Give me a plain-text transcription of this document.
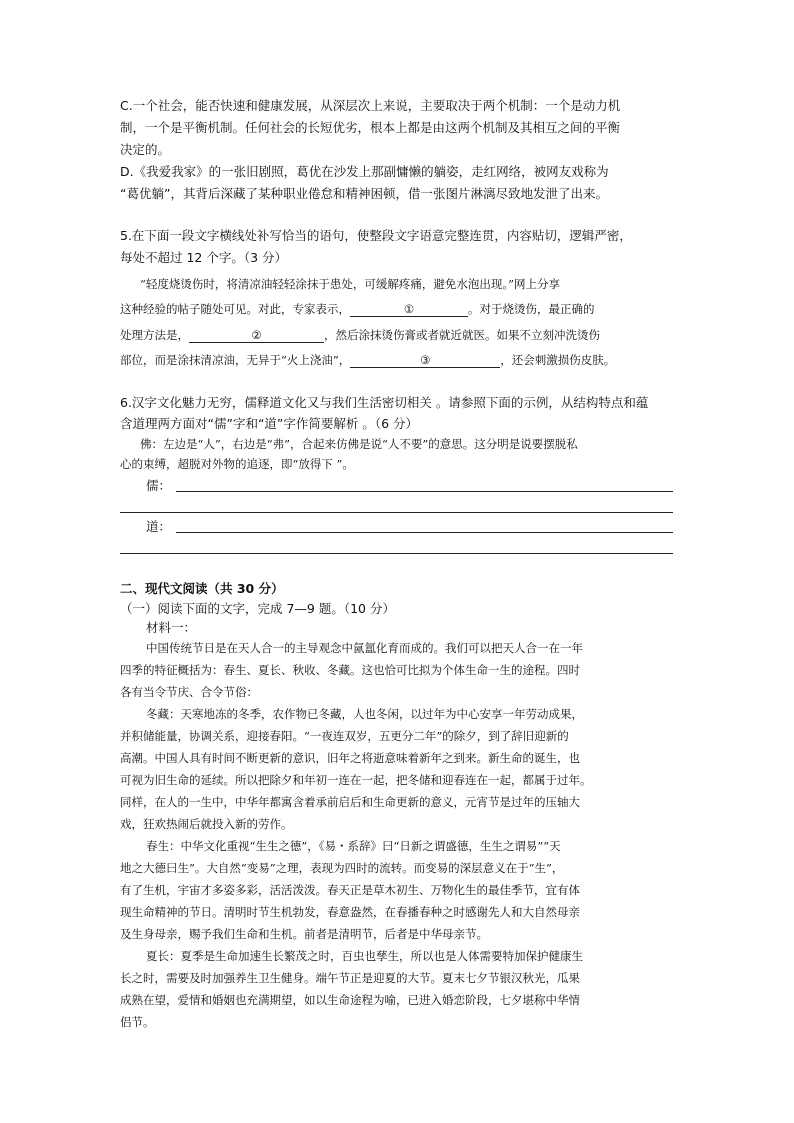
C.一个社会，能否快速和健康发展，从深层次上来说，主要取决于两个机制：一个是动力机
制，一个是平衡机制。任何社会的长短优劣，根本上都是由这两个机制及其相互之间的平衡
决定的。
D.《我爱我家》的一张旧剧照，葛优在沙发上那副慵懒的躺姿，走红网络，被网友戏称为
“葛优躺”，其背后深藏了某种职业倦怠和精神困顿，借一张图片淋漓尽致地发泄了出来。
5.在下面一段文字横线处补写恰当的语句，使整段文字语意完整连贯，内容贴切，逻辑严密，
每处不超过 12 个字。（3 分）
“轻度烧烫伤时，将清凉油轻轻涂抹于患处，可缓解疼痛，避免水泡出现。”网上分享
这种经验的帖子随处可见。对此，专家表示，	①	。对于烧烫伤，最正确的
处理方法是，	②	，然后涂抹烫伤膏或者就近就医。如果不立刻冲洗烫伤
部位，而是涂抹清凉油，无异于“火上浇油”，	③	，还会刺激损伤皮肤。
6.汉字文化魅力无穷，儒释道文化又与我们生活密切相关 。请参照下面的示例，从结构特点和蕴
含道理两方面对“儒”字和“道”字作简要解析 。（6 分）
佛：左边是“人”，右边是“弗”，合起来仿佛是说“人不要”的意思。这分明是说要摆脱私
心的束缚，超脱对外物的追逐，即“放得下 ”。
儒：
道：
二、现代文阅读（共 30 分）
（一）阅读下面的文字，完成 7—9 题。（10 分）
材料一：
中国传统节日是在天人合一的主导观念中氤氲化育而成的。我们可以把天人合一在一年
四季的特征概括为：春生、夏长、秋收、冬藏。这也恰可比拟为个体生命一生的途程。四时
各有当令节庆、合令节俗：
冬藏：天寒地冻的冬季，农作物已冬藏，人也冬闲，以过年为中心安享一年劳动成果，
并积储能量，协调关系，迎接春阳。“一夜连双岁，五更分二年”的除夕，到了辞旧迎新的
高潮。中国人具有时间不断更新的意识，旧年之将逝意味着新年之到来。新生命的诞生，也
可视为旧生命的延续。所以把除夕和年初一连在一起，把冬储和迎春连在一起，都属于过年。
同样，在人的一生中，中华年都寓含着承前启后和生命更新的意义，元宵节是过年的压轴大
戏，狂欢热闹后就投入新的劳作。
春生：中华文化重视“生生之德”，《易・系辞》曰“日新之谓盛德，生生之谓易”“天
地之大德曰生”。大自然“变易”之理，表现为四时的流转。而变易的深层意义在于“生”，
有了生机，宇宙才多姿多彩，活活泼泼。春天正是草木初生、万物化生的最佳季节，宜有体
现生命精神的节日。清明时节生机勃发，春意盎然，在春播春种之时感谢先人和大自然母亲
及生身母亲，赐予我们生命和生机。前者是清明节，后者是中华母亲节。
夏长：夏季是生命加速生长繁茂之时，百虫也孳生，所以也是人体需要特加保护健康生
长之时，需要及时加强养生卫生健身。端午节正是迎夏的大节。夏末七夕节银汉秋光，瓜果
成熟在望，爱情和婚姻也充满期望，如以生命途程为喻，已进入婚恋阶段，七夕堪称中华情
侣节。
